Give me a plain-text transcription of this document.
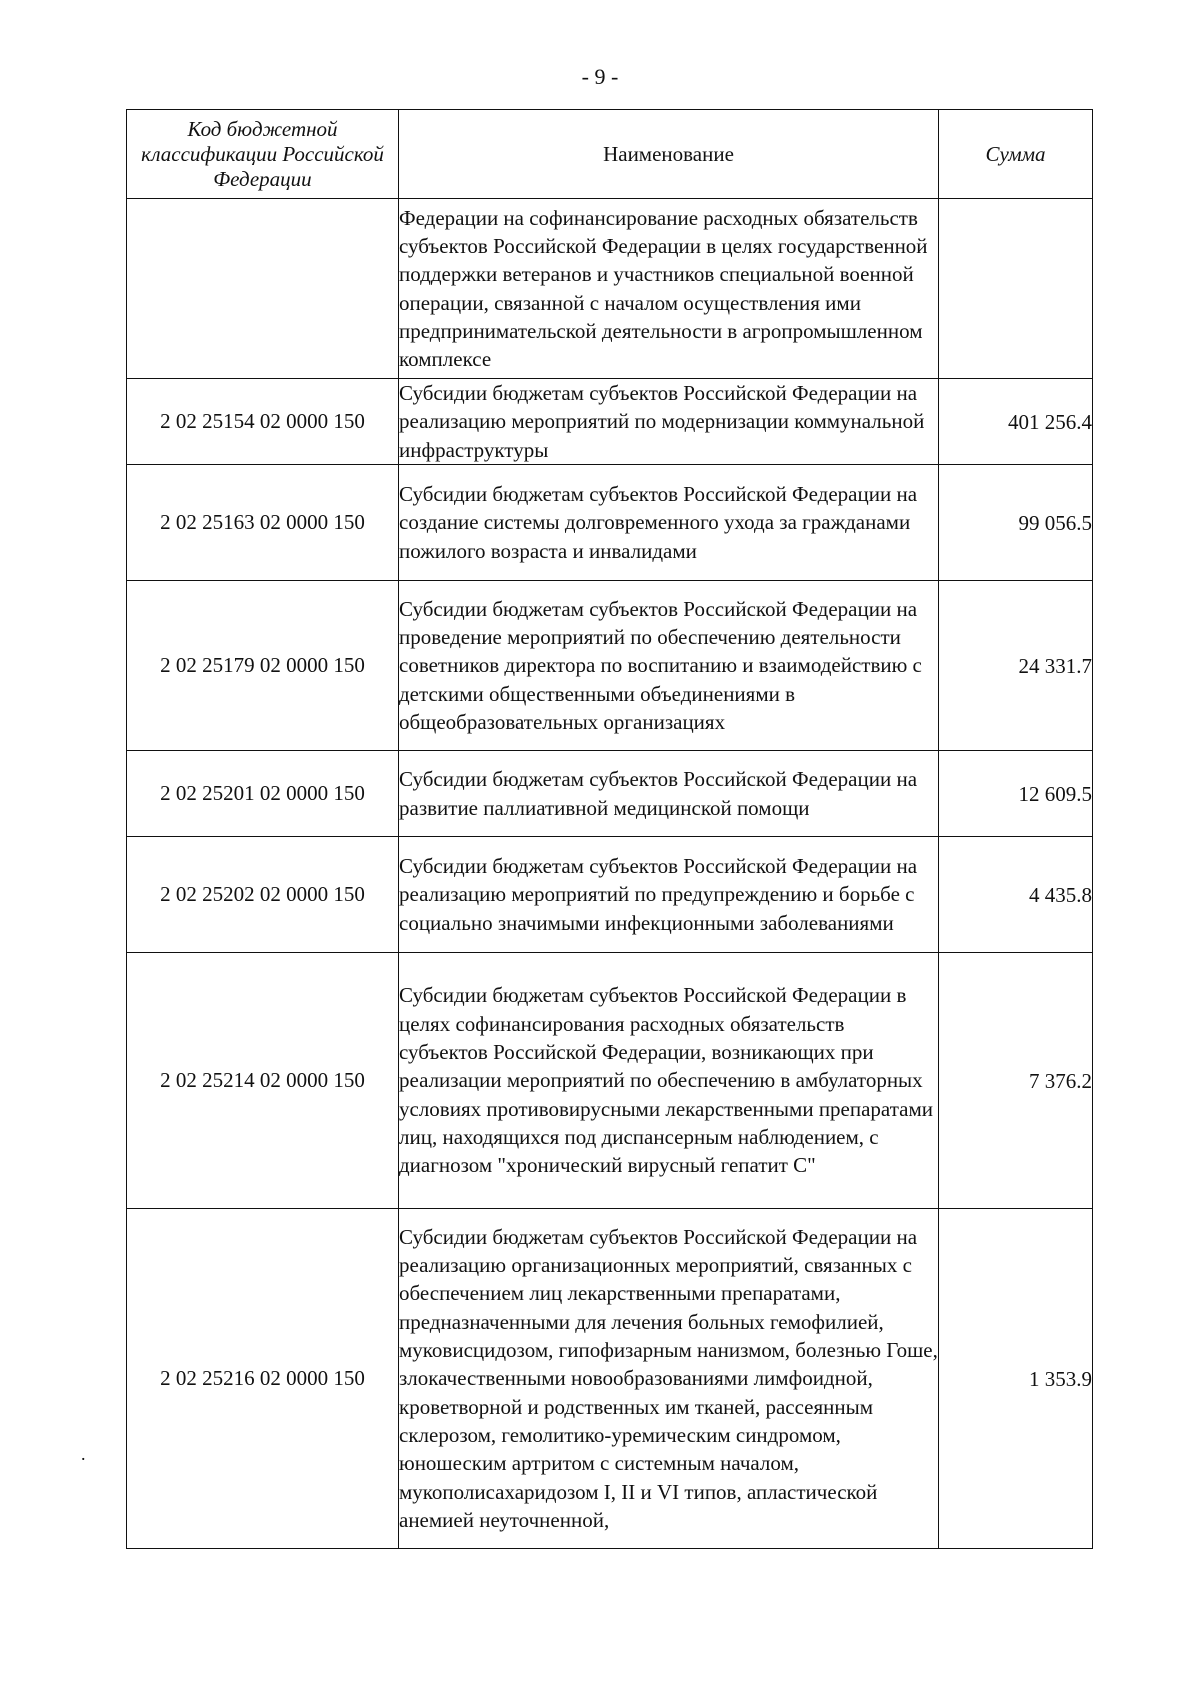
- 9 -
.
Код бюджетной классификации Российской Федерации	Наименование	Сумма
	Федерации на софинансирование расходных обязательств субъектов Российской Федерации в целях государственной поддержки ветеранов и участников специальной военной операции, связанной с началом осуществления ими предпринимательской деятельности в агропромышленном комплексе	
2 02 25154 02 0000 150	Субсидии бюджетам субъектов Российской Федерации на реализацию мероприятий по модернизации коммунальной инфраструктуры	401 256.4
2 02 25163 02 0000 150	Субсидии бюджетам субъектов Российской Федерации на создание системы долговременного ухода за гражданами пожилого возраста и инвалидами	99 056.5
2 02 25179 02 0000 150	Субсидии бюджетам субъектов Российской Федерации на проведение мероприятий по обеспечению деятельности советников директора по воспитанию и взаимодействию с детскими общественными объединениями в общеобразовательных организациях	24 331.7
2 02 25201 02 0000 150	Субсидии бюджетам субъектов Российской Федерации на развитие паллиативной медицинской помощи	12 609.5
2 02 25202 02 0000 150	Субсидии бюджетам субъектов Российской Федерации на реализацию мероприятий по предупреждению и борьбе с социально значимыми инфекционными заболеваниями	4 435.8
2 02 25214 02 0000 150	Субсидии бюджетам субъектов Российской Федерации в целях софинансирования расходных обязательств субъектов Российской Федерации, возникающих при реализации мероприятий по обеспечению в амбулаторных условиях противовирусными лекарственными препаратами лиц, находящихся под диспансерным наблюдением, с диагнозом "хронический вирусный гепатит С"	7 376.2
2 02 25216 02 0000 150	Субсидии бюджетам субъектов Российской Федерации на реализацию организационных мероприятий, связанных с обеспечением лиц лекарственными препаратами, предназначенными для лечения больных гемофилией, муковисцидозом, гипофизарным нанизмом, болезнью Гоше, злокачественными новообразованиями лимфоидной, кроветворной и родственных им тканей, рассеянным склерозом, гемолитико-уремическим синдромом, юношеским артритом с системным началом, мукополисахаридозом I, II и VI типов, апластической анемией неуточненной,	1 353.9
